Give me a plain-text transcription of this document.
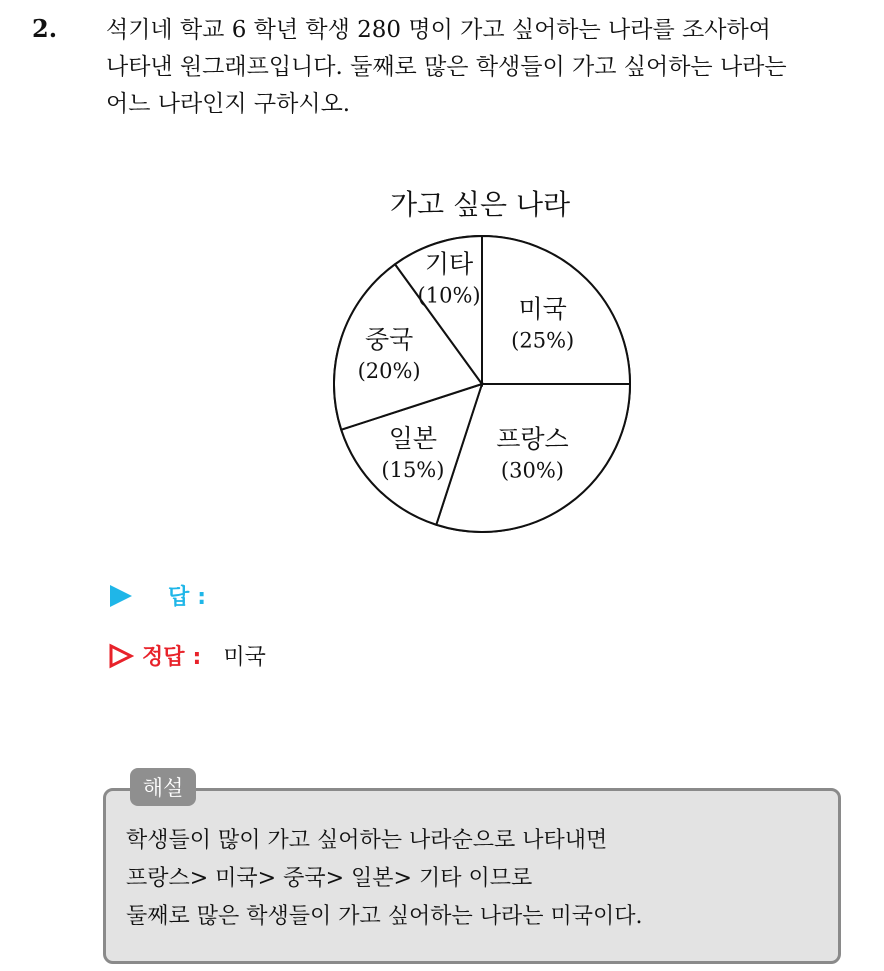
2. 석기네 학교 6 학년 학생 280 명이 가고 싶어하는 나라를 조사하여
나타낸 원그래프입니다. 둘째로 많은 학생들이 가고 싶어하는 나라는
어느 나라인지 구하시오.
가고 싶은 나라
미국
(25%)
프랑스
(30%)
일본
(15%)
중국
(20%)
기타
(10%)
답 :
정답 : 미국
해설
학생들이 많이 가고 싶어하는 나라순으로 나타내면
프랑스> 미국> 중국> 일본> 기타 이므로
둘째로 많은 학생들이 가고 싶어하는 나라는 미국이다.
